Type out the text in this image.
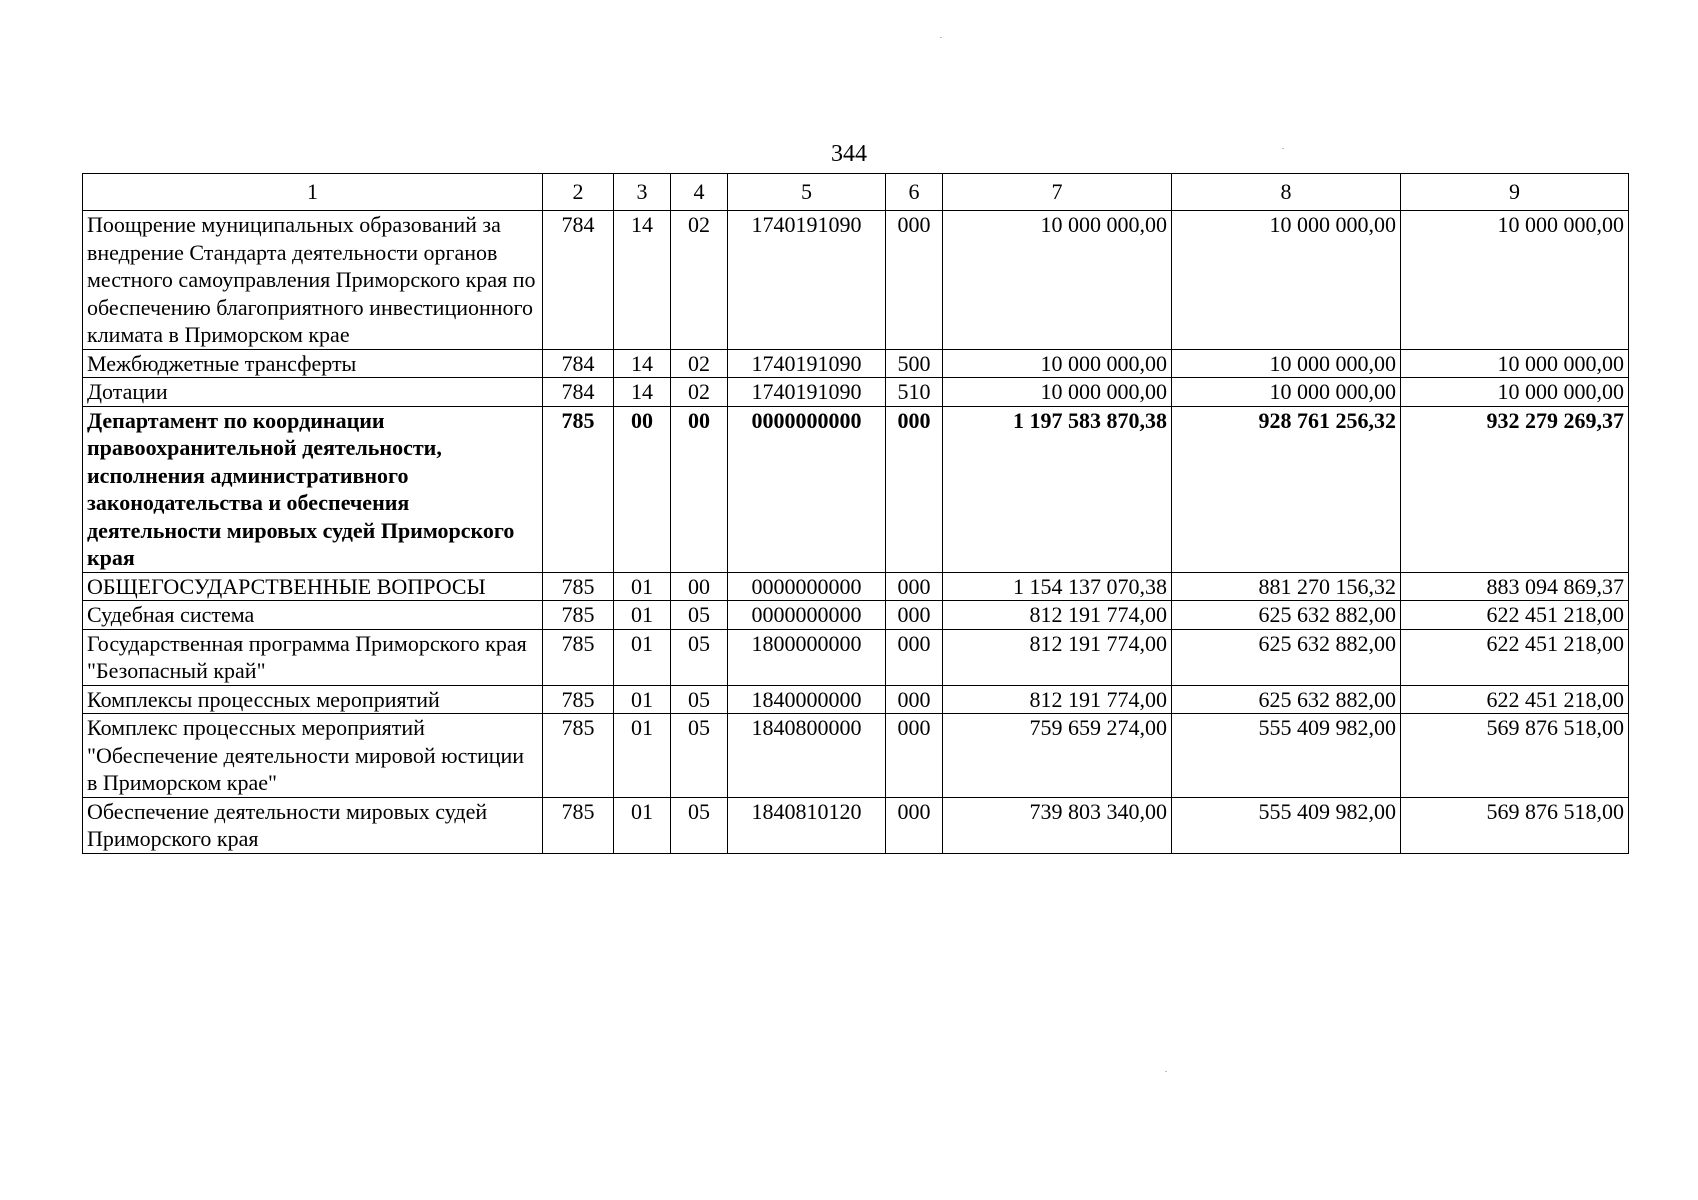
344
1	2	3	4	5	6	7	8	9
Поощрение муниципальных образований за внедрение Стандарта деятельности органов местного самоуправления Приморского края по обеспечению благоприятного инвестиционного климата в Приморском крае	784	14	02	1740191090	000	10 000 000,00	10 000 000,00	10 000 000,00
Межбюджетные трансферты	784	14	02	1740191090	500	10 000 000,00	10 000 000,00	10 000 000,00
Дотации	784	14	02	1740191090	510	10 000 000,00	10 000 000,00	10 000 000,00
Департамент по координации правоохранительной деятельности, исполнения административного законодательства и обеспечения деятельности мировых судей Приморского края	785	00	00	0000000000	000	1 197 583 870,38	928 761 256,32	932 279 269,37
ОБЩЕГОСУДАРСТВЕННЫЕ ВОПРОСЫ	785	01	00	0000000000	000	1 154 137 070,38	881 270 156,32	883 094 869,37
Судебная система	785	01	05	0000000000	000	812 191 774,00	625 632 882,00	622 451 218,00
Государственная программа Приморского края "Безопасный край"	785	01	05	1800000000	000	812 191 774,00	625 632 882,00	622 451 218,00
Комплексы процессных мероприятий	785	01	05	1840000000	000	812 191 774,00	625 632 882,00	622 451 218,00
Комплекс процессных мероприятий "Обеспечение деятельности мировой юстиции в Приморском крае"	785	01	05	1840800000	000	759 659 274,00	555 409 982,00	569 876 518,00
Обеспечение деятельности мировых судей Приморского края	785	01	05	1840810120	000	739 803 340,00	555 409 982,00	569 876 518,00
